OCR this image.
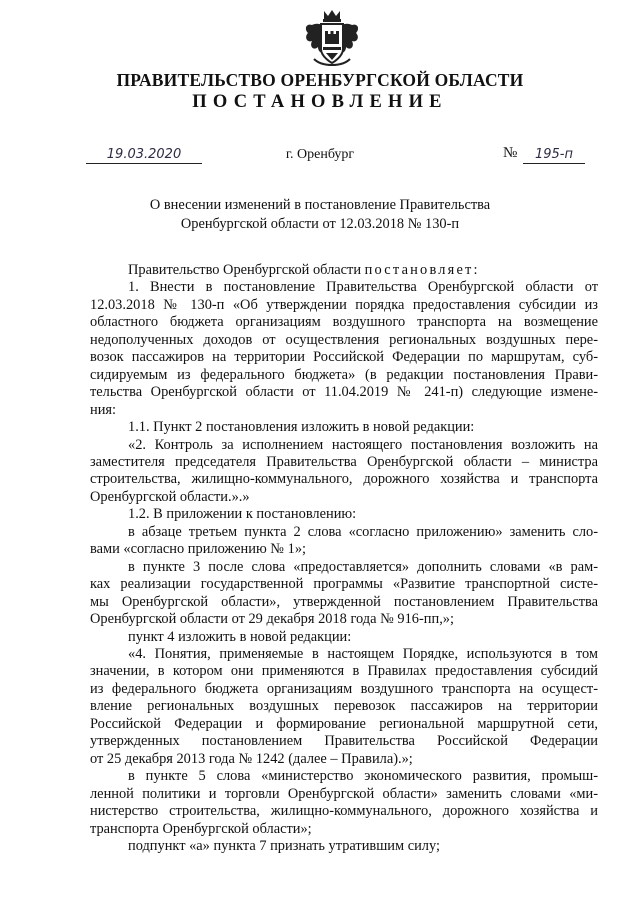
ПРАВИТЕЛЬСТВО ОРЕНБУРГСКОЙ ОБЛАСТИ
ПОСТАНОВЛЕНИЕ
19.03.2020	г. Оренбург	№	195-п
О внесении изменений в постановление Правительства
Оренбургской области от 12.03.2018 № 130-п
Правительство Оренбургской области постановляет:
1. Внести в постановление Правительства Оренбургской области от
12.03.2018 № 130-п «Об утверждении порядка предоставления субсидии из
областного бюджета организациям воздушного транспорта на возмещение
недополученных доходов от осуществления региональных воздушных пере-
возок пассажиров на территории Российской Федерации по маршрутам, суб-
сидируемым из федерального бюджета» (в редакции постановления Прави-
тельства Оренбургской области от 11.04.2019 № 241-п) следующие измене-
ния:
1.1. Пункт 2 постановления изложить в новой редакции:
«2. Контроль за исполнением настоящего постановления возложить на
заместителя председателя Правительства Оренбургской области – министра
строительства, жилищно-коммунального, дорожного хозяйства и транспорта
Оренбургской области.».»
1.2. В приложении к постановлению:
в абзаце третьем пункта 2 слова «согласно приложению» заменить сло-
вами «согласно приложению № 1»;
в пункте 3 после слова «предоставляется» дополнить словами «в рам-
ках реализации государственной программы «Развитие транспортной систе-
мы Оренбургской области», утвержденной постановлением Правительства
Оренбургской области от 29 декабря 2018 года № 916-пп,»;
пункт 4 изложить в новой редакции:
«4. Понятия, применяемые в настоящем Порядке, используются в том
значении, в котором они применяются в Правилах предоставления субсидий
из федерального бюджета организациям воздушного транспорта на осущест-
вление региональных воздушных перевозок пассажиров на территории
Российской Федерации и формирование региональной маршрутной сети,
утвержденных постановлением Правительства Российской Федерации
от 25 декабря 2013 года № 1242 (далее – Правила).»;
в пункте 5 слова «министерство экономического развития, промыш-
ленной политики и торговли Оренбургской области» заменить словами «ми-
нистерство строительства, жилищно-коммунального, дорожного хозяйства и
транспорта Оренбургской области»;
подпункт «а» пункта 7 признать утратившим силу;
